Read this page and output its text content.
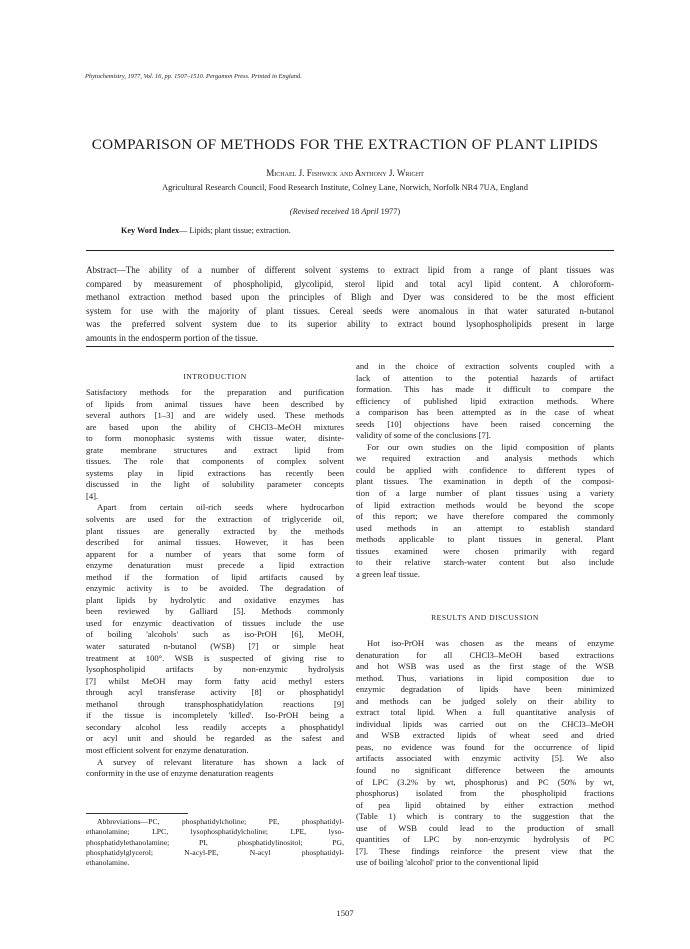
Phytochemistry, 1977, Vol. 16, pp. 1507–1510. Pergamon Press. Printed in England.
COMPARISON OF METHODS FOR THE EXTRACTION OF PLANT LIPIDS
Michael J. Fishwick and Anthony J. Wright
Agricultural Research Council, Food Research Institute, Colney Lane, Norwich, Norfolk NR4 7UA, England
(Revised received 18 April 1977)
Key Word Index— Lipids; plant tissue; extraction.
Abstract—The ability of a number of different solvent systems to extract lipid from a range of plant tissues was
compared by measurement of phospholipid, glycolipid, sterol lipid and total acyl lipid content. A chloroform-
methanol extraction method based upon the principles of Bligh and Dyer was considered to be the most efficient
system for use with the majority of plant tissues. Cereal seeds were anomalous in that water saturated n-butanol
was the preferred solvent system due to its superior ability to extract bound lysophospholipids present in large
amounts in the endosperm portion of the tissue.
INTRODUCTION
Satisfactory methods for the preparation and purification
of lipids from animal tissues have been described by
several authors [1–3] and are widely used. These methods
are based upon the ability of CHCl3–MeOH mixtures
to form monophasic systems with tissue water, disinte-
grate membrane structures and extract lipid from
tissues. The role that components of complex solvent
systems play in lipid extractions has recently been
discussed in the light of solubility parameter concepts
[4].
Apart from certain oil-rich seeds where hydrocarbon
solvents are used for the extraction of triglyceride oil,
plant tissues are generally extracted by the methods
described for animal tissues. However, it has been
apparent for a number of years that some form of
enzyme denaturation must precede a lipid extraction
method if the formation of lipid artifacts caused by
enzymic activity is to be avoided. The degradation of
plant lipids by hydrolytic and oxidative enzymes has
been reviewed by Galliard [5]. Methods commonly
used for enzymic deactivation of tissues include the use
of boiling 'alcohols' such as iso-PrOH [6], MeOH,
water saturated n-butanol (WSB) [7] or simple heat
treatment at 100°. WSB is suspected of giving rise to
lysophospholipid artifacts by non-enzymic hydrolysis
[7] whilst MeOH may form fatty acid methyl esters
through acyl transferase activity [8] or phosphatidyl
methanol through transphosphatidylation reactions [9]
if the tissue is incompletely 'killed'. Iso-PrOH being a
secondary alcohol less readily accepts a phosphatidyl
or acyl unit and should be regarded as the safest and
most efficient solvent for enzyme denaturation.
A survey of relevant literature has shown a lack of
conformity in the use of enzyme denaturation reagents
and in the choice of extraction solvents coupled with a
lack of attention to the potential hazards of artifact
formation. This has made it difficult to compare the
efficiency of published lipid extraction methods. Where
a comparison has been attempted as in the case of wheat
seeds [10] objections have been raised concerning the
validity of some of the conclusions [7].
For our own studies on the lipid composition of plants
we required extraction and analysis methods which
could be applied with confidence to different types of
plant tissues. The examination in depth of the composi-
tion of a large number of plant tissues using a variety
of lipid extraction methods would be beyond the scope
of this report; we have therefore compared the commonly
used methods in an attempt to establish standard
methods applicable to plant tissues in general. Plant
tissues examined were chosen primarily with regard
to their relative starch-water content but also include
a green leaf tissue.
RESULTS AND DISCUSSION
Hot iso-PrOH was chosen as the means of enzyme
denaturation for all CHCl3–MeOH based extractions
and hot WSB was used as the first stage of the WSB
method. Thus, variations in lipid composition due to
enzymic degradation of lipids have been minimized
and methods can be judged solely on their ability to
extract total lipid. When a full quantitative analysis of
individual lipids was carried out on the CHCl3–MeOH
and WSB extracted lipids of wheat seed and dried
peas, no evidence was found for the occurrence of lipid
artifacts associated with enzymic activity [5]. We also
found no significant difference between the amounts
of LPC (3.2% by wt, phosphorus) and PC (50% by wt,
phosphorus) isolated from the phospholipid fractions
of pea lipid obtained by either extraction method
(Table 1) which is contrary to the suggestion that the
use of WSB could lead to the production of small
quantities of LPC by non-enzymic hydrolysis of PC
[7]. These findings reinforce the present view that the
use of boiling 'alcohol' prior to the conventional lipid
Abbreviations—PC, phosphatidylcholine; PE, phosphatidyl-
ethanolamine; LPC, lysophosphatidylcholine; LPE, lyso-
phosphatidylethanolamine; PI, phosphatidylinositol; PG,
phosphatidylglycerol; N-acyl-PE, N-acyl phosphatidyl-
ethanolamine.
1507
